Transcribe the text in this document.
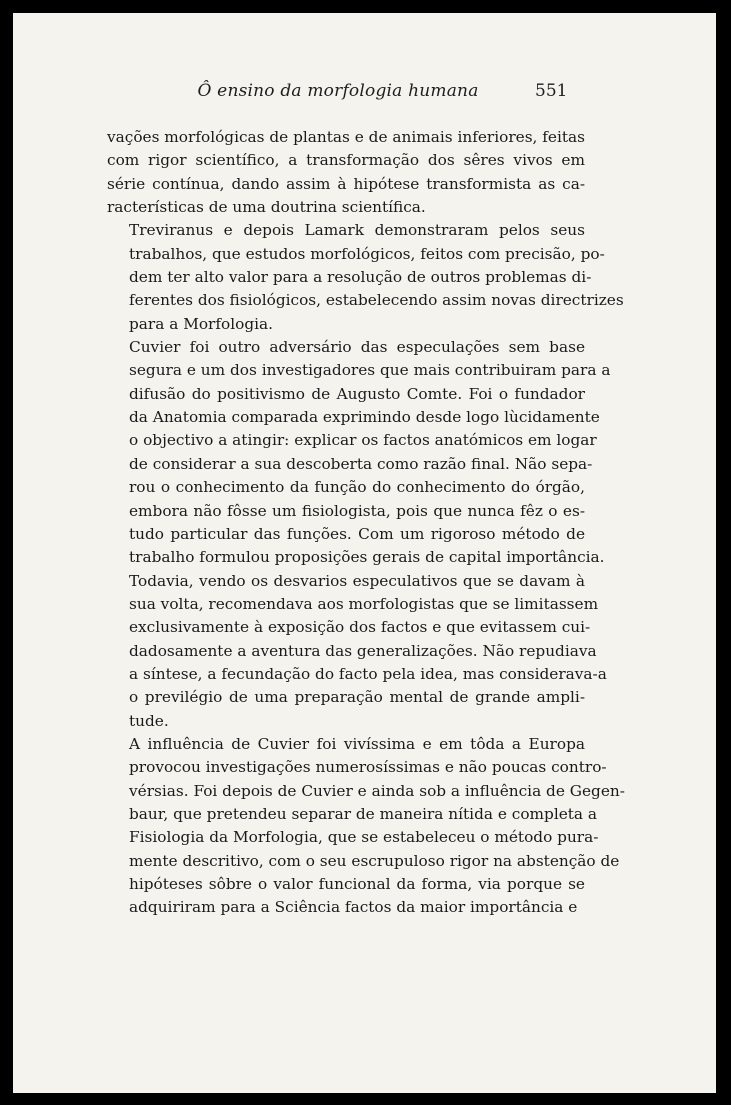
Ô ensino da morfologia humana	551
vações morfológicas de plantas e de animais inferiores, feitas
com rigor scientífico, a transformação dos sêres vivos em
série contínua, dando assim à hipótese transformista as ca-
racterísticas de uma doutrina scientífica.
Treviranus e depois Lamark demonstraram pelos seus
trabalhos, que estudos morfológicos, feitos com precisão, po-
dem ter alto valor para a resolução de outros problemas di-
ferentes dos fisiológicos, estabelecendo assim novas directrizes
para a Morfologia.
Cuvier foi outro adversário das especulações sem base
segura e um dos investigadores que mais contribuiram para a
difusão do positivismo de Augusto Comte. Foi o fundador
da Anatomia comparada exprimindo desde logo lùcidamente
o objectivo a atingir: explicar os factos anatómicos em logar
de considerar a sua descoberta como razão final. Não sepa-
rou o conhecimento da função do conhecimento do órgão,
embora não fôsse um fisiologista, pois que nunca fêz o es-
tudo particular das funções. Com um rigoroso método de
trabalho formulou proposições gerais de capital importância.
Todavia, vendo os desvarios especulativos que se davam à
sua volta, recomendava aos morfologistas que se limitassem
exclusivamente à exposição dos factos e que evitassem cui-
dadosamente a aventura das generalizações. Não repudiava
a síntese, a fecundação do facto pela idea, mas considerava-a
o previlégio de uma preparação mental de grande ampli-
tude.
A influência de Cuvier foi vivíssima e em tôda a Europa
provocou investigações numerosíssimas e não poucas contro-
vérsias. Foi depois de Cuvier e ainda sob a influência de Gegen-
baur, que pretendeu separar de maneira nítida e completa a
Fisiologia da Morfologia, que se estabeleceu o método pura-
mente descritivo, com o seu escrupuloso rigor na abstenção de
hipóteses sôbre o valor funcional da forma, via porque se
adquiriram para a Sciência factos da maior importância e
